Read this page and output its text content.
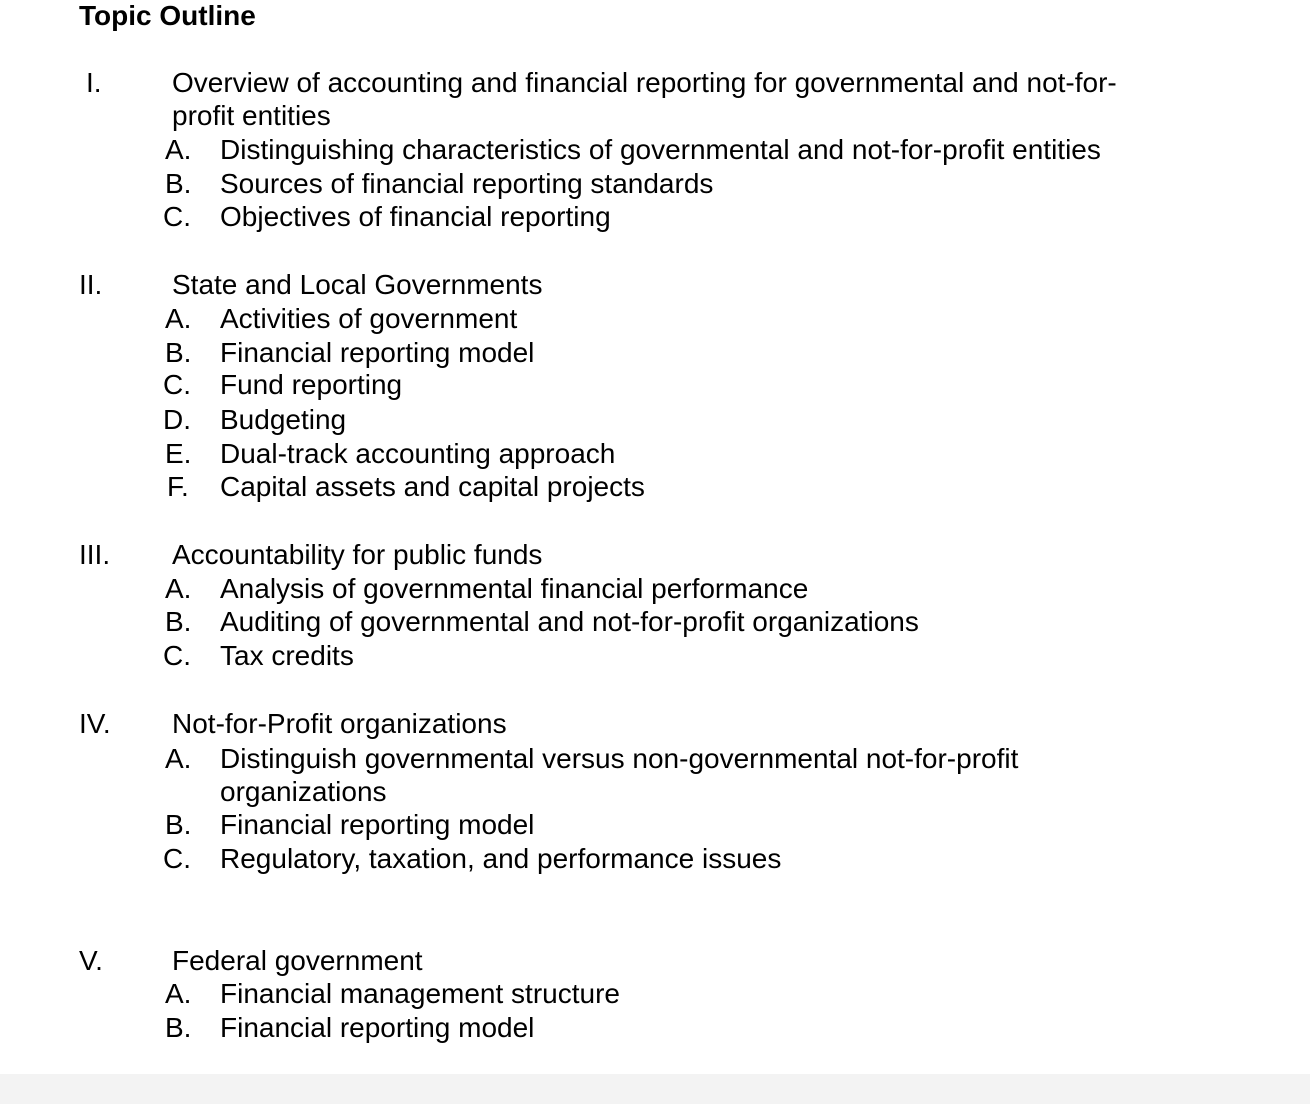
Topic Outline
I.	Overview of accounting and financial reporting for governmental and not-for-profit entities
A. Distinguishing characteristics of governmental and not-for-profit entities
B. Sources of financial reporting standards
C. Objectives of financial reporting
II. State and Local Governments
A. Activities of government
B. Financial reporting model
C. Fund reporting
D. Budgeting
E. Dual-track accounting approach
F. Capital assets and capital projects
III. Accountability for public funds
A. Analysis of governmental financial performance
B. Auditing of governmental and not-for-profit organizations
C. Tax credits
IV. Not-for-Profit organizations
A. Distinguish governmental versus non-governmental not-for-profit organizations
B. Financial reporting model
C. Regulatory, taxation, and performance issues
V. Federal government
A. Financial management structure
B. Financial reporting model
